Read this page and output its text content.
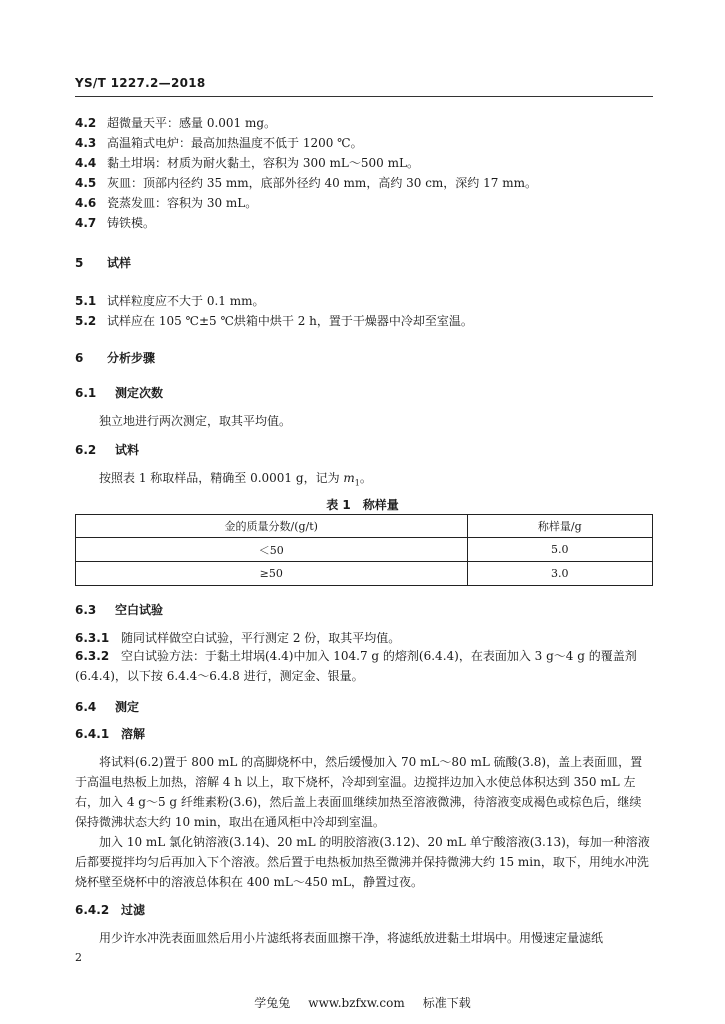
YS/T 1227.2—2018
4.2 超微量天平：感量 0.001 mg。
4.3 高温箱式电炉：最高加热温度不低于 1200 ℃。
4.4 黏土坩埚：材质为耐火黏土，容积为 300 mL～500 mL。
4.5 灰皿：顶部内径约 35 mm，底部外径约 40 mm，高约 30 cm，深约 17 mm。
4.6 瓷蒸发皿：容积为 30 mL。
4.7 铸铁模。
5 试样
5.1 试样粒度应不大于 0.1 mm。
5.2 试样应在 105 ℃±5 ℃烘箱中烘干 2 h，置于干燥器中冷却至室温。
6 分析步骤
6.1 测定次数
独立地进行两次测定，取其平均值。
6.2 试料
按照表 1 称取样品，精确至 0.0001 g，记为 $m_1$。
表 1 称样量
金的质量分数/(g/t)	称样量/g
＜50	5.0
≥50	3.0
6.3 空白试验
6.3.1 随同试样做空白试验，平行测定 2 份，取其平均值。
6.3.2 空白试验方法：于黏土坩埚(4.4)中加入 104.7 g 的熔剂(6.4.4)，在表面加入 3 g～4 g 的覆盖剂(6.4.4)，以下按 6.4.4～6.4.8 进行，测定金、银量。
6.4 测定
6.4.1 溶解
将试料(6.2)置于 800 mL 的高脚烧杯中，然后缓慢加入 70 mL～80 mL 硫酸(3.8)，盖上表面皿，置于高温电热板上加热，溶解 4 h 以上，取下烧杯，冷却到室温。边搅拌边加入水使总体积达到 350 mL 左右，加入 4 g～5 g 纤维素粉(3.6)，然后盖上表面皿继续加热至溶液微沸，待溶液变成褐色或棕色后，继续保持微沸状态大约 10 min，取出在通风柜中冷却到室温。
加入 10 mL 氯化钠溶液(3.14)、20 mL 的明胶溶液(3.12)、20 mL 单宁酸溶液(3.13)，每加一种溶液后都要搅拌均匀后再加入下个溶液。然后置于电热板加热至微沸并保持微沸大约 15 min，取下，用纯水冲洗烧杯壁至烧杯中的溶液总体积在 400 mL～450 mL，静置过夜。
6.4.2 过滤
用少许水冲洗表面皿然后用小片滤纸将表面皿擦干净，将滤纸放进黏土坩埚中。用慢速定量滤纸
2
学兔兔 www.bzfxw.com 标准下载
